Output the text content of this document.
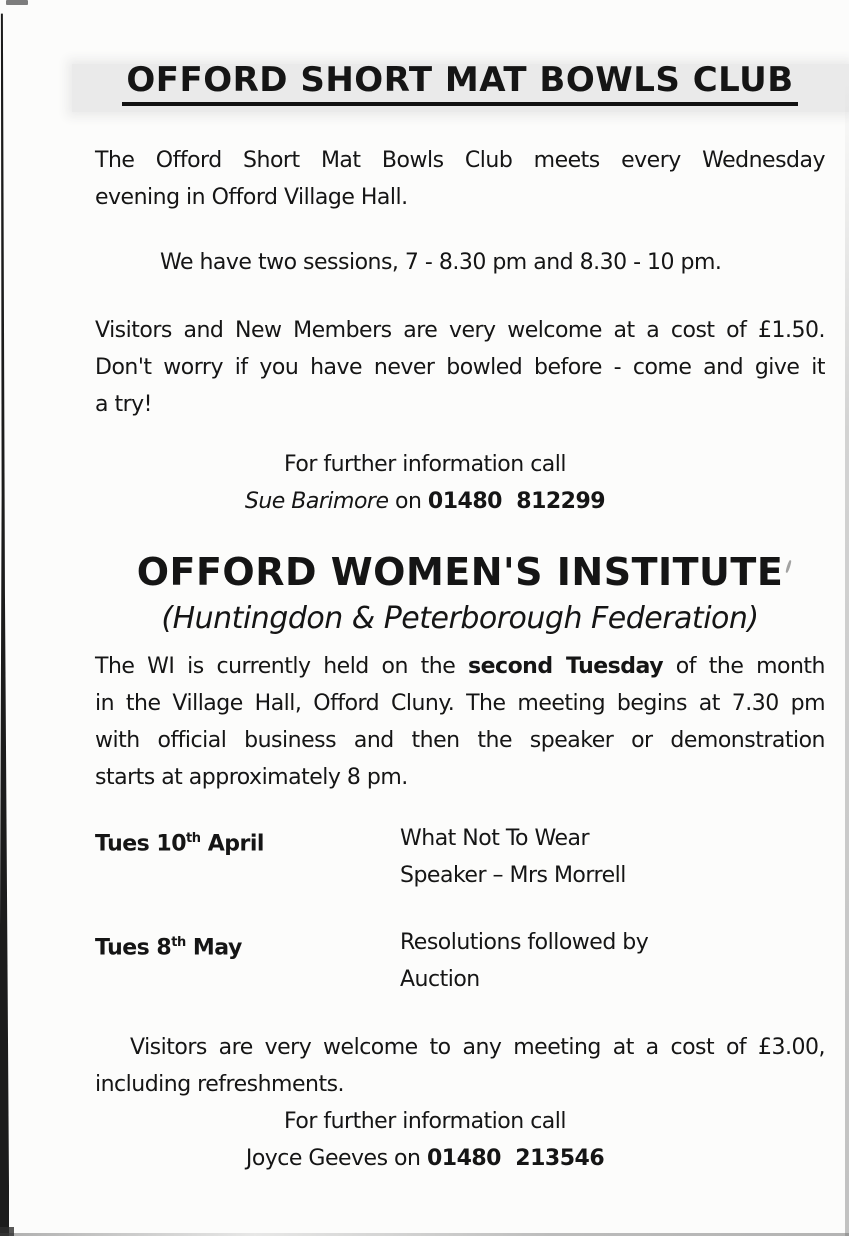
OFFORD SHORT MAT BOWLS CLUB
The Offord Short Mat Bowls Club meets every Wednesday
evening in Offord Village Hall.
We have two sessions, 7 - 8.30 pm and 8.30 - 10 pm.
Visitors and New Members are very welcome at a cost of £1.50.
Don't worry if you have never bowled before - come and give it
a try!
For further information call
Sue Barimore on 01480  812299
OFFORD WOMEN'S INSTITUTE
(Huntingdon & Peterborough Federation)
The WI is currently held on the second Tuesday of the month
in the Village Hall, Offord Cluny. The meeting begins at 7.30 pm
with official business and then the speaker or demonstration
starts at approximately 8 pm.
Tues 10th April	What Not To Wear
Speaker – Mrs Morrell
Tues 8th May	Resolutions followed by
Auction
Visitors are very welcome to any meeting at a cost of £3.00,
including refreshments.
For further information call
Joyce Geeves on 01480  213546
